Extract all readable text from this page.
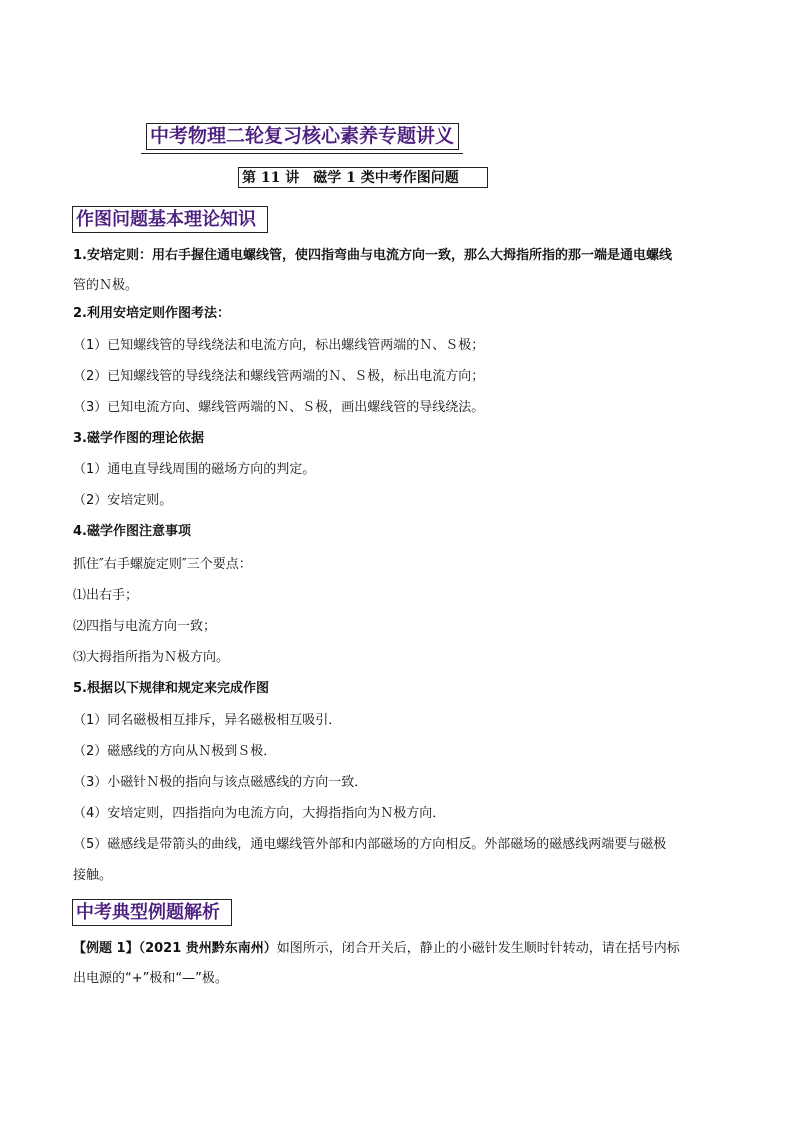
中考物理二轮复习核心素养专题讲义
第 11 讲　磁学 1 类中考作图问题
作图问题基本理论知识
1.安培定则：用右手握住通电螺线管，使四指弯曲与电流方向一致，那么大拇指所指的那一端是通电螺线
管的Ｎ极。
2.利用安培定则作图考法：
（1）已知螺线管的导线绕法和电流方向，标出螺线管两端的Ｎ、Ｓ极；
（2）已知螺线管的导线绕法和螺线管两端的Ｎ、Ｓ极，标出电流方向；
（3）已知电流方向、螺线管两端的Ｎ、Ｓ极，画出螺线管的导线绕法。
3.磁学作图的理论依据
（1）通电直导线周围的磁场方向的判定。
（2）安培定则。
4.磁学作图注意事项
抓住″右手螺旋定则″三个要点：
⑴出右手；
⑵四指与电流方向一致；
⑶大拇指所指为Ｎ极方向。
5.根据以下规律和规定来完成作图
（1）同名磁极相互排斥，异名磁极相互吸引．
（2）磁感线的方向从Ｎ极到Ｓ极．
（3）小磁针Ｎ极的指向与该点磁感线的方向一致．
（4）安培定则，四指指向为电流方向，大拇指指向为Ｎ极方向．
（5）磁感线是带箭头的曲线，通电螺线管外部和内部磁场的方向相反。外部磁场的磁感线两端要与磁极
接触。
中考典型例题解析
【例题 1】（2021 贵州黔东南州）如图所示，闭合开关后，静止的小磁针发生顺时针转动，请在括号内标
出电源的“+”极和“—”极。
